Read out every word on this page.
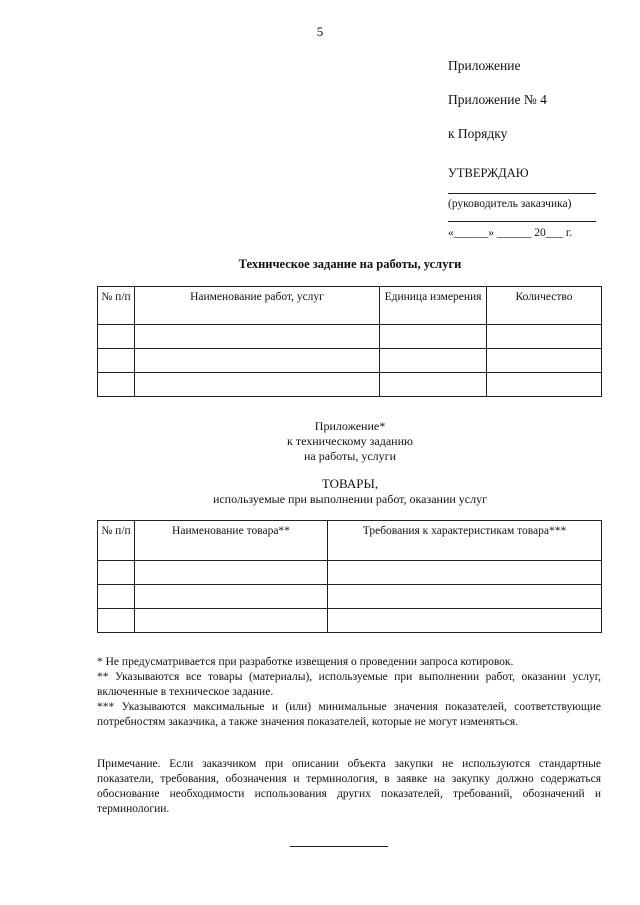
5
Приложение
Приложение № 4
к Порядку
УТВЕРЖДАЮ
(руководитель заказчика)
«______» ______ 20___ г.
Техническое задание на работы, услуги
№ п/п	Наименование работ, услуг	Единица измерения	Количество

Приложение*
к техническому заданию
на работы, услуги
ТОВАРЫ,
используемые при выполнении работ, оказании услуг
№ п/п	Наименование товара**	Требования к характеристикам товара***

* Не предусматривается при разработке извещения о проведении запроса котировок.

** Указываются все товары (материалы), используемые при выполнении работ, оказании услуг, включенные в техническое задание.

*** Указываются максимальные и (или) минимальные значения показателей, соответствующие потребностям заказчика, а также значения показателей, которые не могут изменяться.

Примечание. Если заказчиком при описании объекта закупки не используются стандартные показатели, требования, обозначения и терминология, в заявке на закупку должно содержаться обоснование необходимости использования других показателей, требований, обозначений и терминологии.
